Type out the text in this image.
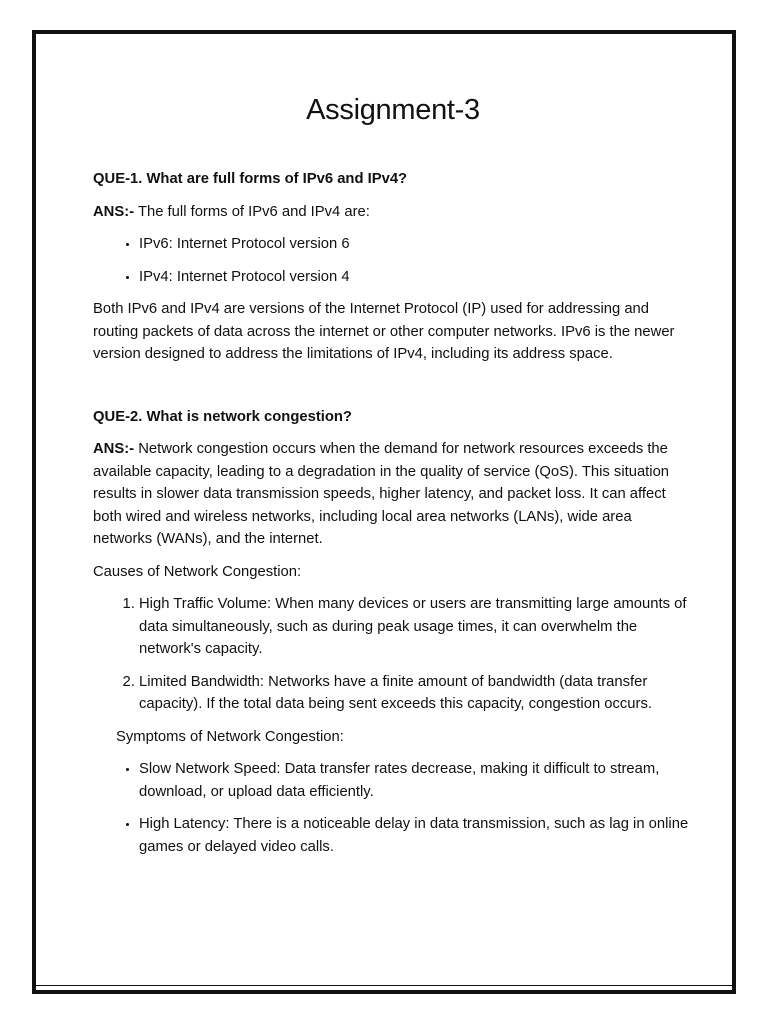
Assignment-3
QUE-1. What are full forms of IPv6 and IPv4?

ANS:- The full forms of IPv6 and IPv4 are:

• IPv6: Internet Protocol version 6
• IPv4: Internet Protocol version 4

Both IPv6 and IPv4 are versions of the Internet Protocol (IP) used for addressing and routing packets of data across the internet or other computer networks. IPv6 is the newer version designed to address the limitations of IPv4, including its address space.

QUE-2. What is network congestion?

ANS:- Network congestion occurs when the demand for network resources exceeds the available capacity, leading to a degradation in the quality of service (QoS). This situation results in slower data transmission speeds, higher latency, and packet loss. It can affect both wired and wireless networks, including local area networks (LANs), wide area networks (WANs), and the internet.

Causes of Network Congestion:

1. High Traffic Volume: When many devices or users are transmitting large amounts of data simultaneously, such as during peak usage times, it can overwhelm the network's capacity.
2. Limited Bandwidth: Networks have a finite amount of bandwidth (data transfer capacity). If the total data being sent exceeds this capacity, congestion occurs.

Symptoms of Network Congestion:

• Slow Network Speed: Data transfer rates decrease, making it difficult to stream, download, or upload data efficiently.
• High Latency: There is a noticeable delay in data transmission, such as lag in online games or delayed video calls.
